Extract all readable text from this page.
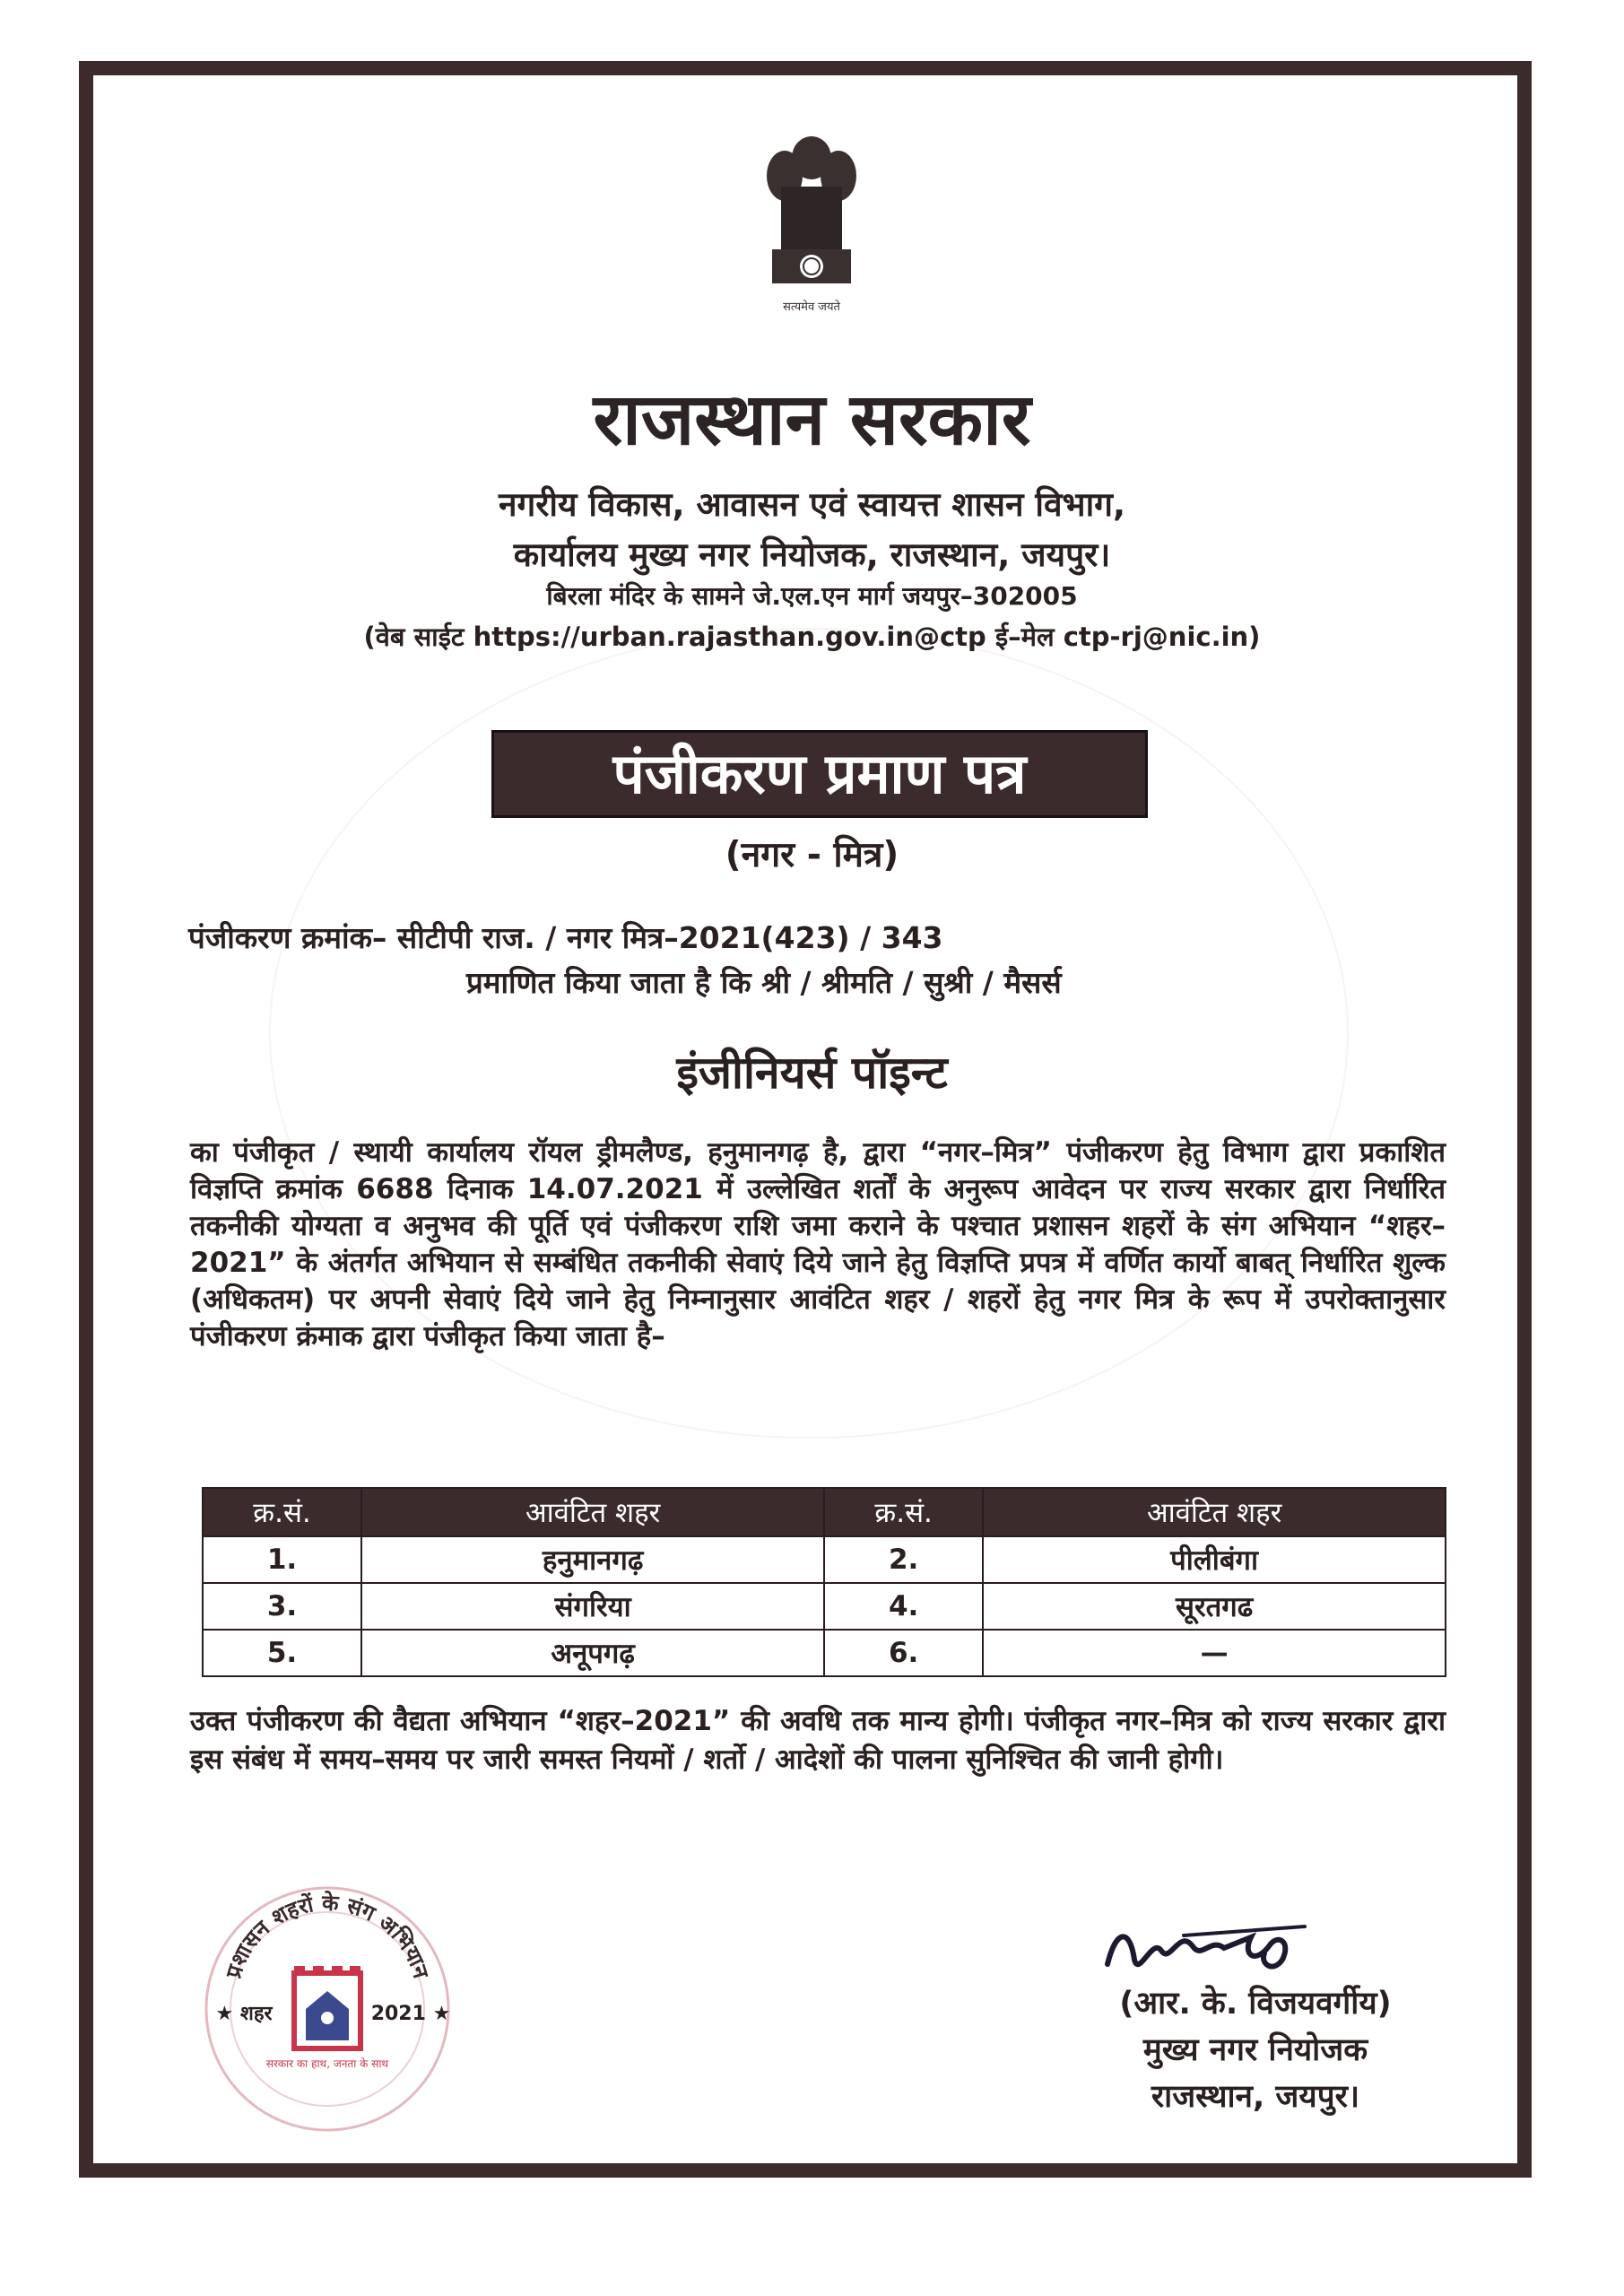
सत्यमेव जयते
राजस्थान सरकार
नगरीय विकास, आवासन एवं स्वायत्त शासन विभाग,
कार्यालय मुख्य नगर नियोजक, राजस्थान, जयपुर।
बिरला मंदिर के सामने जे.एल.एन मार्ग जयपुर–302005
(वेब साईट https://urban.rajasthan.gov.in@ctp ई–मेल ctp-rj@nic.in)
पंजीकरण प्रमाण पत्र
(नगर - मित्र)
पंजीकरण क्रमांक– सीटीपी राज. / नगर मित्र–2021(423) / 343
प्रमाणित किया जाता है कि श्री / श्रीमति / सुश्री / मैसर्स
इंजीनियर्स पॉइन्ट
का पंजीकृत / स्थायी कार्यालय रॉयल ड्रीमलैण्ड, हनुमानगढ़ है, द्वारा “नगर–मित्र” पंजीकरण हेतु विभाग द्वारा प्रकाशित विज्ञप्ति क्रमांक 6688 दिनाक 14.07.2021 में उल्लेखित शर्तों के अनुरूप आवेदन पर राज्य सरकार द्वारा निर्धारित तकनीकी योग्यता व अनुभव की पूर्ति एवं पंजीकरण राशि जमा कराने के पश्चात प्रशासन शहरों के संग अभियान “शहर–2021” के अंतर्गत अभियान से सम्बंधित तकनीकी सेवाएं दिये जाने हेतु विज्ञप्ति प्रपत्र में वर्णित कार्यो बाबत् निर्धारित शुल्क (अधिकतम) पर अपनी सेवाएं दिये जाने हेतु निम्नानुसार आवंटित शहर / शहरों हेतु नगर मित्र के रूप में उपरोक्तानुसार पंजीकरण क्रंमाक द्वारा पंजीकृत किया जाता है–
क्र.सं.	आवंटित शहर	क्र.सं.	आवंटित शहर
1.	हनुमानगढ़	2.	पीलीबंगा
3.	संगरिया	4.	सूरतगढ
5.	अनूपगढ़	6.	—
उक्त पंजीकरण की वैद्यता अभियान “शहर–2021” की अवधि तक मान्य होगी। पंजीकृत नगर–मित्र को राज्य सरकार द्वारा इस संबंध में समय–समय पर जारी समस्त नियमों / शर्तो / आदेशों की पालना सुनिश्चित की जानी होगी।
प्रशासन शहरों के संग अभियान
★ शहर	2021 ★
सरकार का हाथ, जनता के साथ
(आर. के. विजयवर्गीय)
मुख्य नगर नियोजक
राजस्थान, जयपुर।
